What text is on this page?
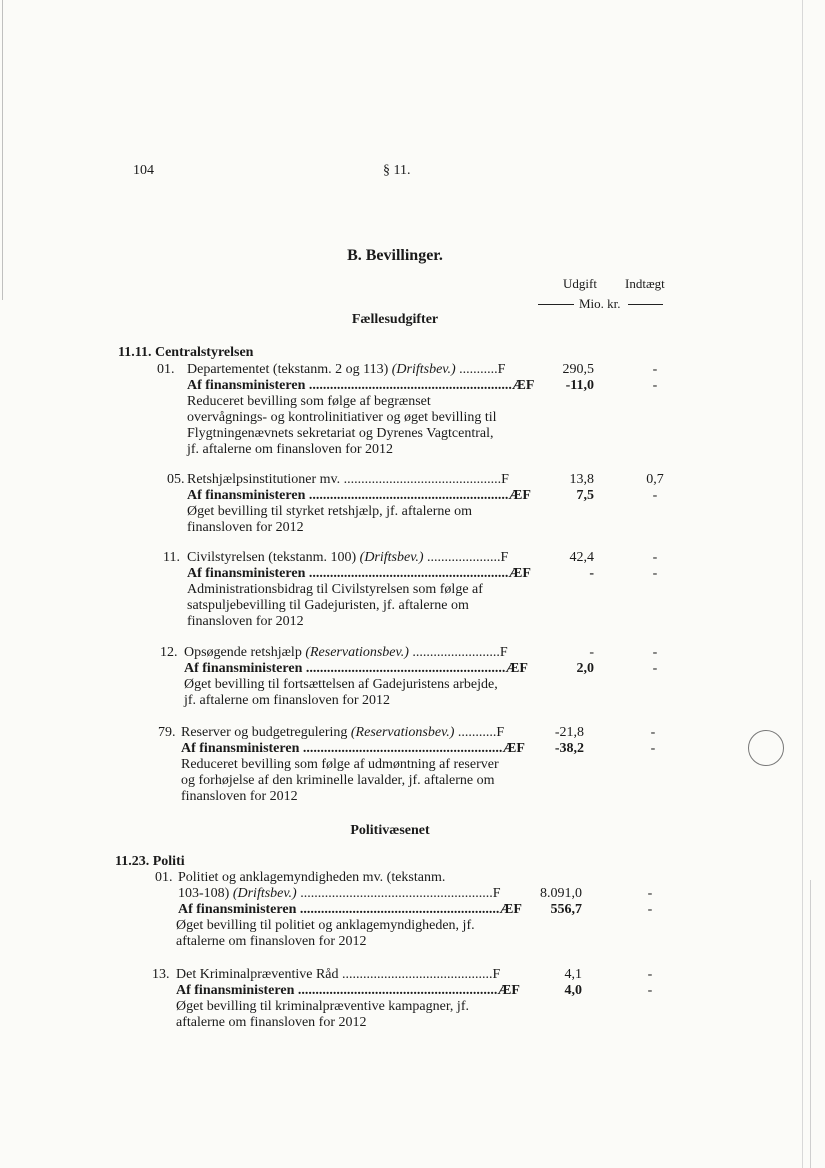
104	§ 11.
B. Bevillinger.
Udgift Indtægt
Mio. kr.
Fællesudgifter
11.11. Centralstyrelsen
01. Departementet (tekstanm. 2 og 113) (Driftsbev.) ...........F	290,5	-
Af finansministeren ..........................................................ÆF	-11,0	-
Reduceret bevilling som følge af begrænset overvågnings- og kontrolinitiativer og øget bevilling til Flygtningenævnets sekretariat og Dyrenes Vagtcentral, jf. aftalerne om finansloven for 2012
05. Retshjælpsinstitutioner mv. .............................................F	13,8	0,7
Af finansministeren .........................................................ÆF	7,5	-
Øget bevilling til styrket retshjælp, jf. aftalerne om finansloven for 2012
11. Civilstyrelsen (tekstanm. 100) (Driftsbev.) .....................F	42,4	-
Af finansministeren .........................................................ÆF	-	-
Administrationsbidrag til Civilstyrelsen som følge af satspuljebevilling til Gadejuristen, jf. aftalerne om finansloven for 2012
12. Opsøgende retshjælp (Reservationsbev.) .........................F	-	-
Af finansministeren .........................................................ÆF	2,0	-
Øget bevilling til fortsættelsen af Gadejuristens arbejde, jf. aftalerne om finansloven for 2012
79. Reserver og budgetregulering (Reservationsbev.) ...........F	-21,8	-
Af finansministeren .........................................................ÆF	-38,2	-
Reduceret bevilling som følge af udmøntning af reserver og forhøjelse af den kriminelle lavalder, jf. aftalerne om finansloven for 2012
Politivæsenet
11.23. Politi
01. Politiet og anklagemyndigheden mv. (tekstanm.
103-108) (Driftsbev.) .......................................................F	8.091,0	-
Af finansministeren .........................................................ÆF	556,7	-
Øget bevilling til politiet og anklagemyndigheden, jf. aftalerne om finansloven for 2012
13. Det Kriminalpræventive Råd ...........................................F	4,1	-
Af finansministeren .........................................................ÆF	4,0	-
Øget bevilling til kriminalpræventive kampagner, jf. aftalerne om finansloven for 2012
